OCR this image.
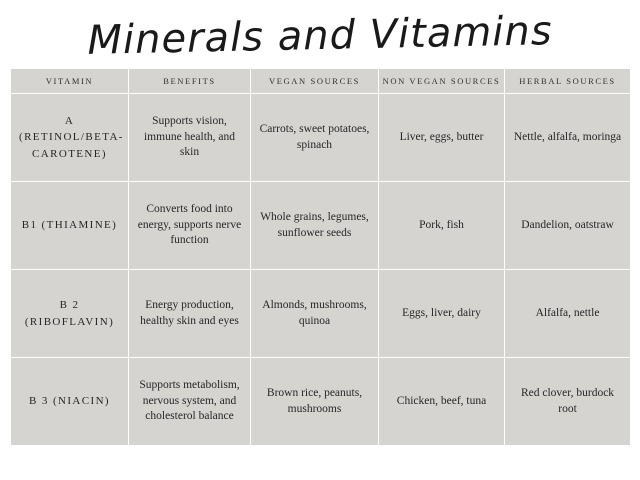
Minerals and Vitamins
VITAMIN	BENEFITS	VEGAN SOURCES	NON VEGAN SOURCES	HERBAL SOURCES
A (RETINOL/BETA-CAROTENE)	Supports vision, immune health, and skin	Carrots, sweet potatoes, spinach	Liver, eggs, butter	Nettle, alfalfa, moringa
B1 (THIAMINE)	Converts food into energy, supports nerve function	Whole grains, legumes, sunflower seeds	Pork, fish	Dandelion, oatstraw
B 2 (RIBOFLAVIN)	Energy production, healthy skin and eyes	Almonds, mushrooms, quinoa	Eggs, liver, dairy	Alfalfa, nettle
B 3 (NIACIN)	Supports metabolism, nervous system, and cholesterol balance	Brown rice, peanuts, mushrooms	Chicken, beef, tuna	Red clover, burdock root
